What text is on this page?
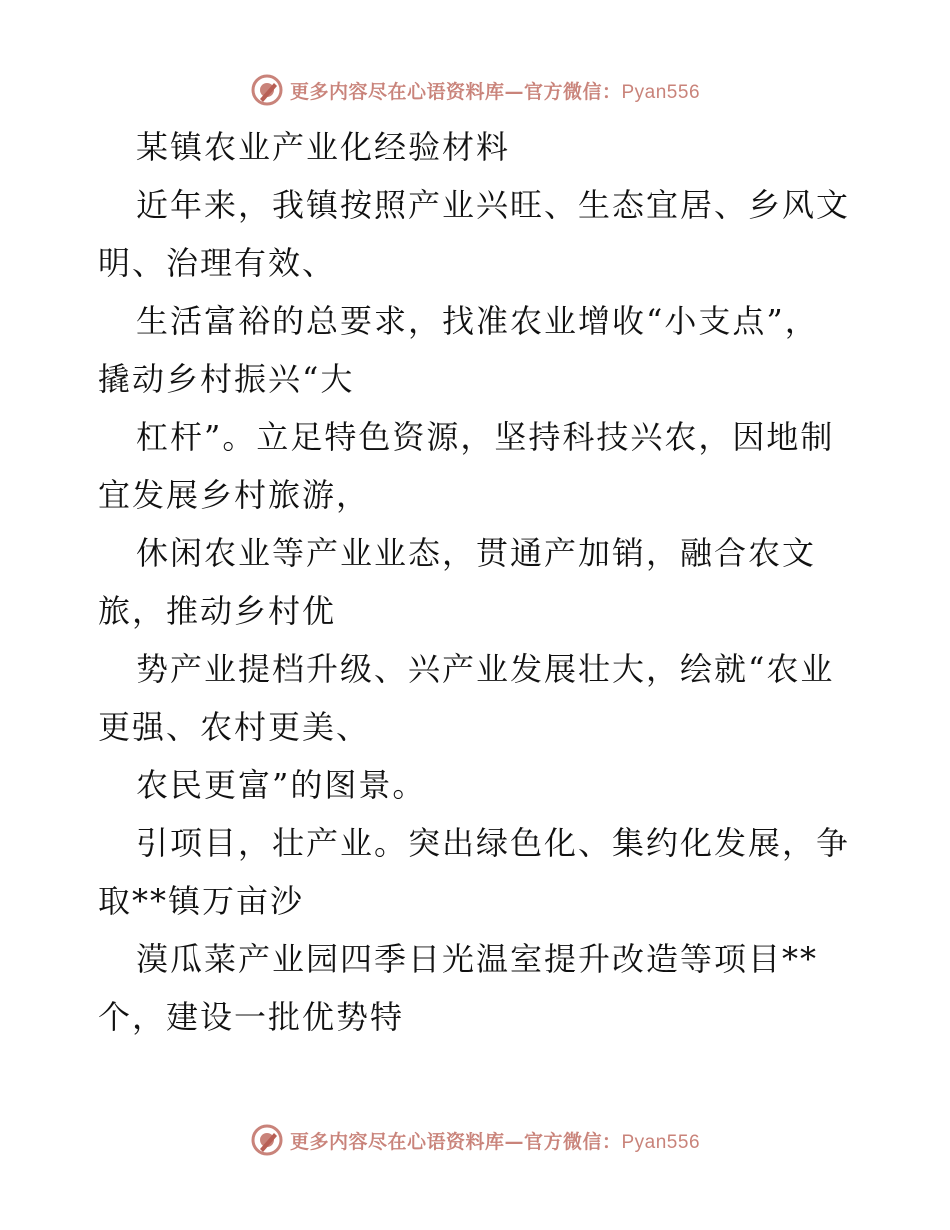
更多内容尽在心语资料库—官方微信：Pyan556
某镇农业产业化经验材料
近年来，我镇按照产业兴旺、生态宜居、乡风文
明、治理有效、
生活富裕的总要求，找准农业增收“小支点”，
撬动乡村振兴“大
杠杆”。立足特色资源，坚持科技兴农，因地制
宜发展乡村旅游，
休闲农业等产业业态，贯通产加销，融合农文
旅，推动乡村优
势产业提档升级、兴产业发展壮大，绘就“农业
更强、农村更美、
农民更富”的图景。
引项目，壮产业。突出绿色化、集约化发展，争
取**镇万亩沙
漠瓜菜产业园四季日光温室提升改造等项目**
个，建设一批优势特
更多内容尽在心语资料库—官方微信：Pyan556
